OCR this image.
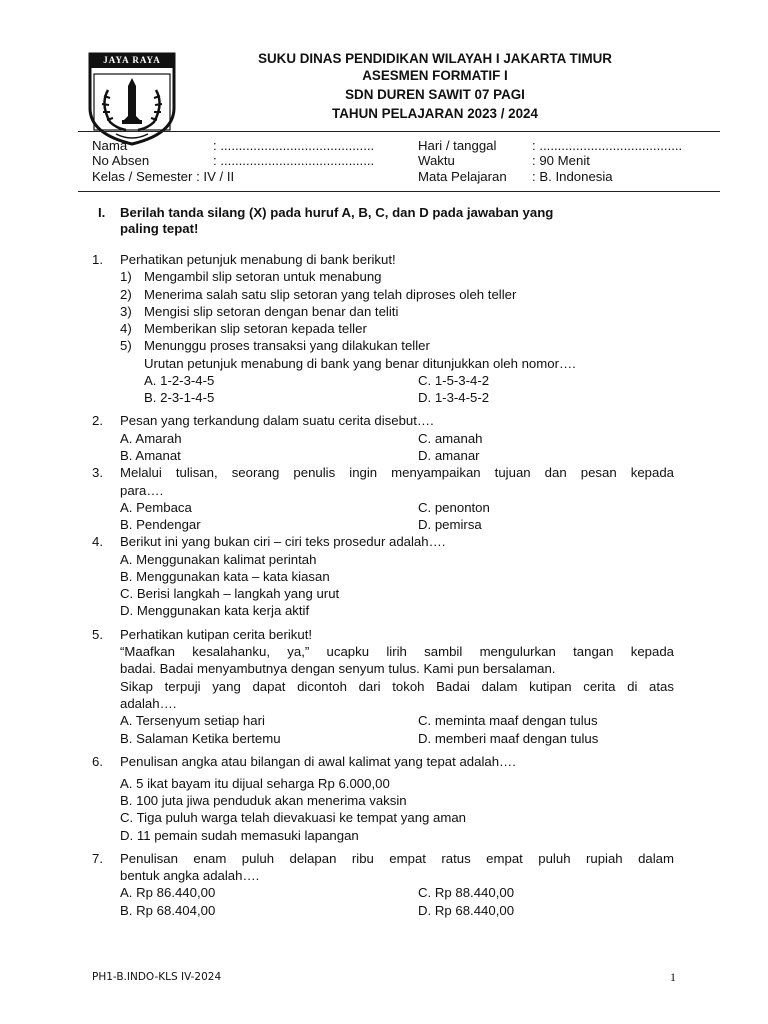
JAYA RAYA	SUKU DINAS PENDIDIKAN WILAYAH I JAKARTA TIMUR
ASESMEN FORMATIF I
SDN DUREN SAWIT 07 PAGI
TAHUN PELAJARAN 2023 / 2024
Nama	: ..........................................
No Absen	: ..........................................
Kelas / Semester : IV / II
Hari / tanggal	: .......................................
Waktu	: 90 Menit
Mata Pelajaran : B. Indonesia
I. Berilah tanda silang (X) pada huruf A, B, C, dan D pada jawaban yang
paling tepat!
1. Perhatikan petunjuk menabung di bank berikut!
1) Mengambil slip setoran untuk menabung
2) Menerima salah satu slip setoran yang telah diproses oleh teller
3) Mengisi slip setoran dengan benar dan teliti
4) Memberikan slip setoran kepada teller
5) Menunggu proses transaksi yang dilakukan teller
Urutan petunjuk menabung di bank yang benar ditunjukkan oleh nomor….
A. 1-2-3-4-5	C. 1-5-3-4-2
B. 2-3-1-4-5	D. 1-3-4-5-2
2. Pesan yang terkandung dalam suatu cerita disebut….
A. Amarah	C. amanah
B. Amanat	D. amanar
3. Melalui tulisan, seorang penulis ingin menyampaikan tujuan dan pesan kepada
para….
A. Pembaca	C. penonton
B. Pendengar	D. pemirsa
4. Berikut ini yang bukan ciri – ciri teks prosedur adalah….
A. Menggunakan kalimat perintah
B. Menggunakan kata – kata kiasan
C. Berisi langkah – langkah yang urut
D. Menggunakan kata kerja aktif
5. Perhatikan kutipan cerita berikut!
“Maafkan kesalahanku, ya,” ucapku lirih sambil mengulurkan tangan kepada
badai. Badai menyambutnya dengan senyum tulus. Kami pun bersalaman.
Sikap terpuji yang dapat dicontoh dari tokoh Badai dalam kutipan cerita di atas
adalah….
A. Tersenyum setiap hari	C. meminta maaf dengan tulus
B. Salaman Ketika bertemu	D. memberi maaf dengan tulus
6. Penulisan angka atau bilangan di awal kalimat yang tepat adalah….
A. 5 ikat bayam itu dijual seharga Rp 6.000,00
B. 100 juta jiwa penduduk akan menerima vaksin
C. Tiga puluh warga telah dievakuasi ke tempat yang aman
D. 11 pemain sudah memasuki lapangan
7. Penulisan enam puluh delapan ribu empat ratus empat puluh rupiah dalam
bentuk angka adalah….
A. Rp 86.440,00	C. Rp 88.440,00
B. Rp 68.404,00	D. Rp 68.440,00
PH1-B.INDO-KLS IV-2024	1
